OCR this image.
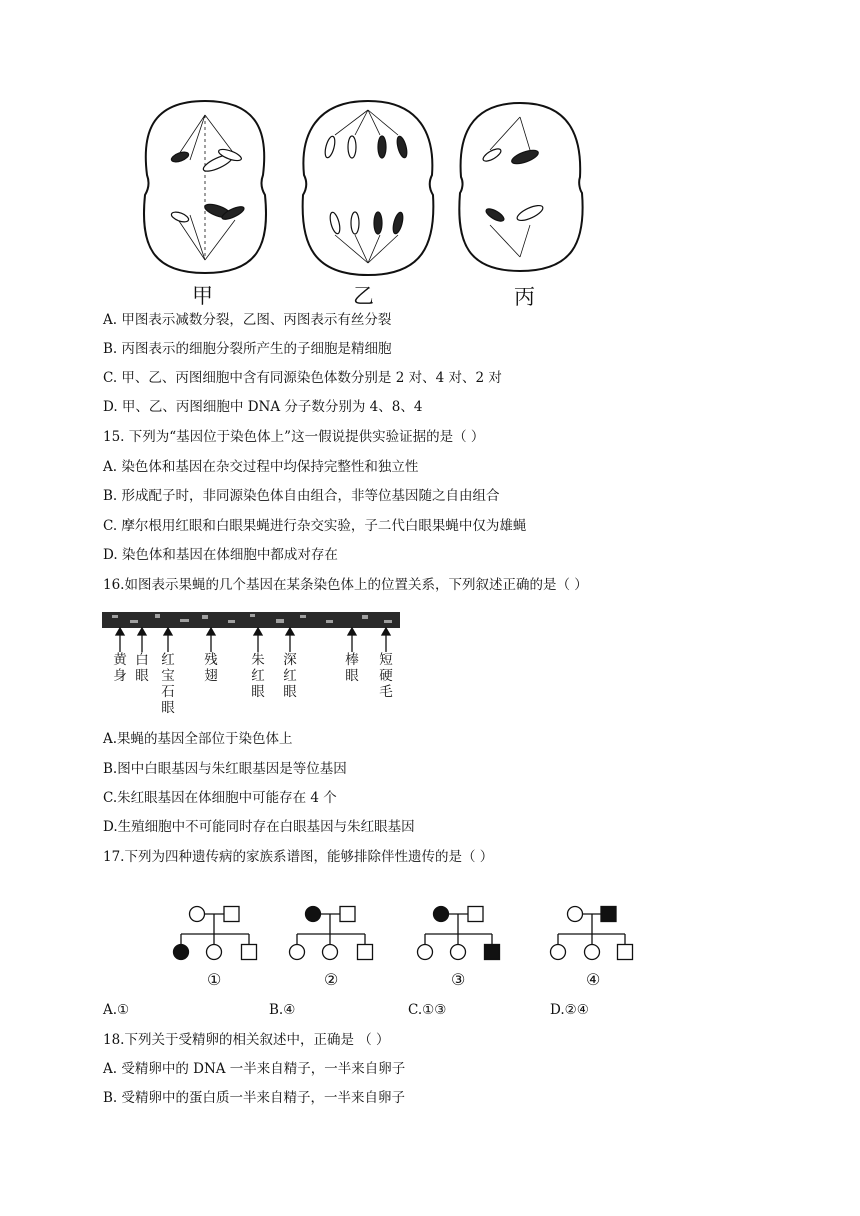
甲	乙	丙
A. 甲图表示减数分裂，乙图、丙图表示有丝分裂
B. 丙图表示的细胞分裂所产生的子细胞是精细胞
C. 甲、乙、丙图细胞中含有同源染色体数分别是 2 对、4 对、2 对
D. 甲、乙、丙图细胞中 DNA 分子数分别为 4、8、4
15. 下列为“基因位于染色体上”这一假说提供实验证据的是（ ）
A. 染色体和基因在杂交过程中均保持完整性和独立性
B. 形成配子时，非同源染色体自由组合，非等位基因随之自由组合
C. 摩尔根用红眼和白眼果蝇进行杂交实验，子二代白眼果蝇中仅为雄蝇
D. 染色体和基因在体细胞中都成对存在
16.如图表示果蝇的几个基因在某条染色体上的位置关系，下列叙述正确的是（ ）
黄
身
白
眼
红
宝
石
眼
残
翅
朱
红
眼
深
红
眼
棒
眼
短
硬
毛
A.果蝇的基因全部位于染色体上
B.图中白眼基因与朱红眼基因是等位基因
C.朱红眼基因在体细胞中可能存在 4 个
D.生殖细胞中不可能同时存在白眼基因与朱红眼基因
17.下列为四种遗传病的家族系谱图，能够排除伴性遗传的是（ ）
①	②	③	④
A.①	B.④	C.①③	D.②④
18.下列关于受精卵的相关叙述中，正确是 （ ）
A. 受精卵中的 DNA 一半来自精子，一半来自卵子
B. 受精卵中的蛋白质一半来自精子，一半来自卵子
